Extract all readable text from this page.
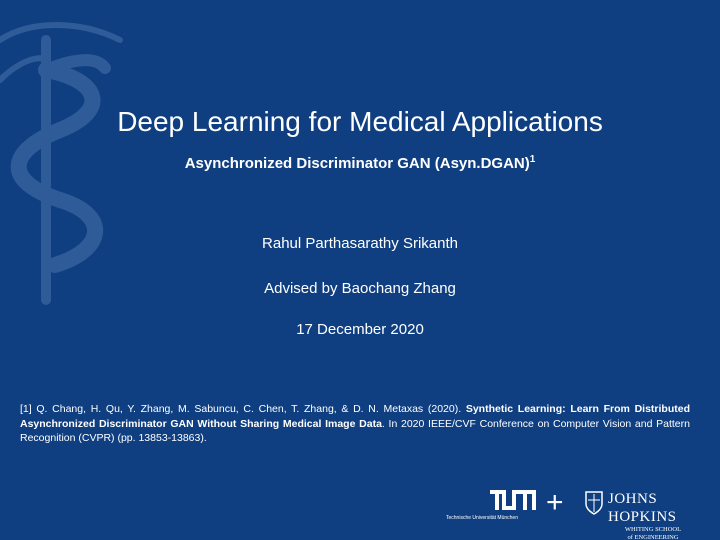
Deep Learning for Medical Applications
Asynchronized Discriminator GAN (Asyn.DGAN)$^1$
Rahul Parthasarathy Srikanth
Advised by Baochang Zhang
17 December 2020
[1] Q. Chang, H. Qu, Y. Zhang, M. Sabuncu, C. Chen, T. Zhang, & D. N. Metaxas (2020). Synthetic Learning: Learn From Distributed Asynchronized Discriminator GAN Without Sharing Medical Image Data. In 2020 IEEE/CVF Conference on Computer Vision and Pattern Recognition (CVPR) (pp. 13853-13863).
Technische Universität München +	JOHNS HOPKINS
WHITING SCHOOL
of ENGINEERING
